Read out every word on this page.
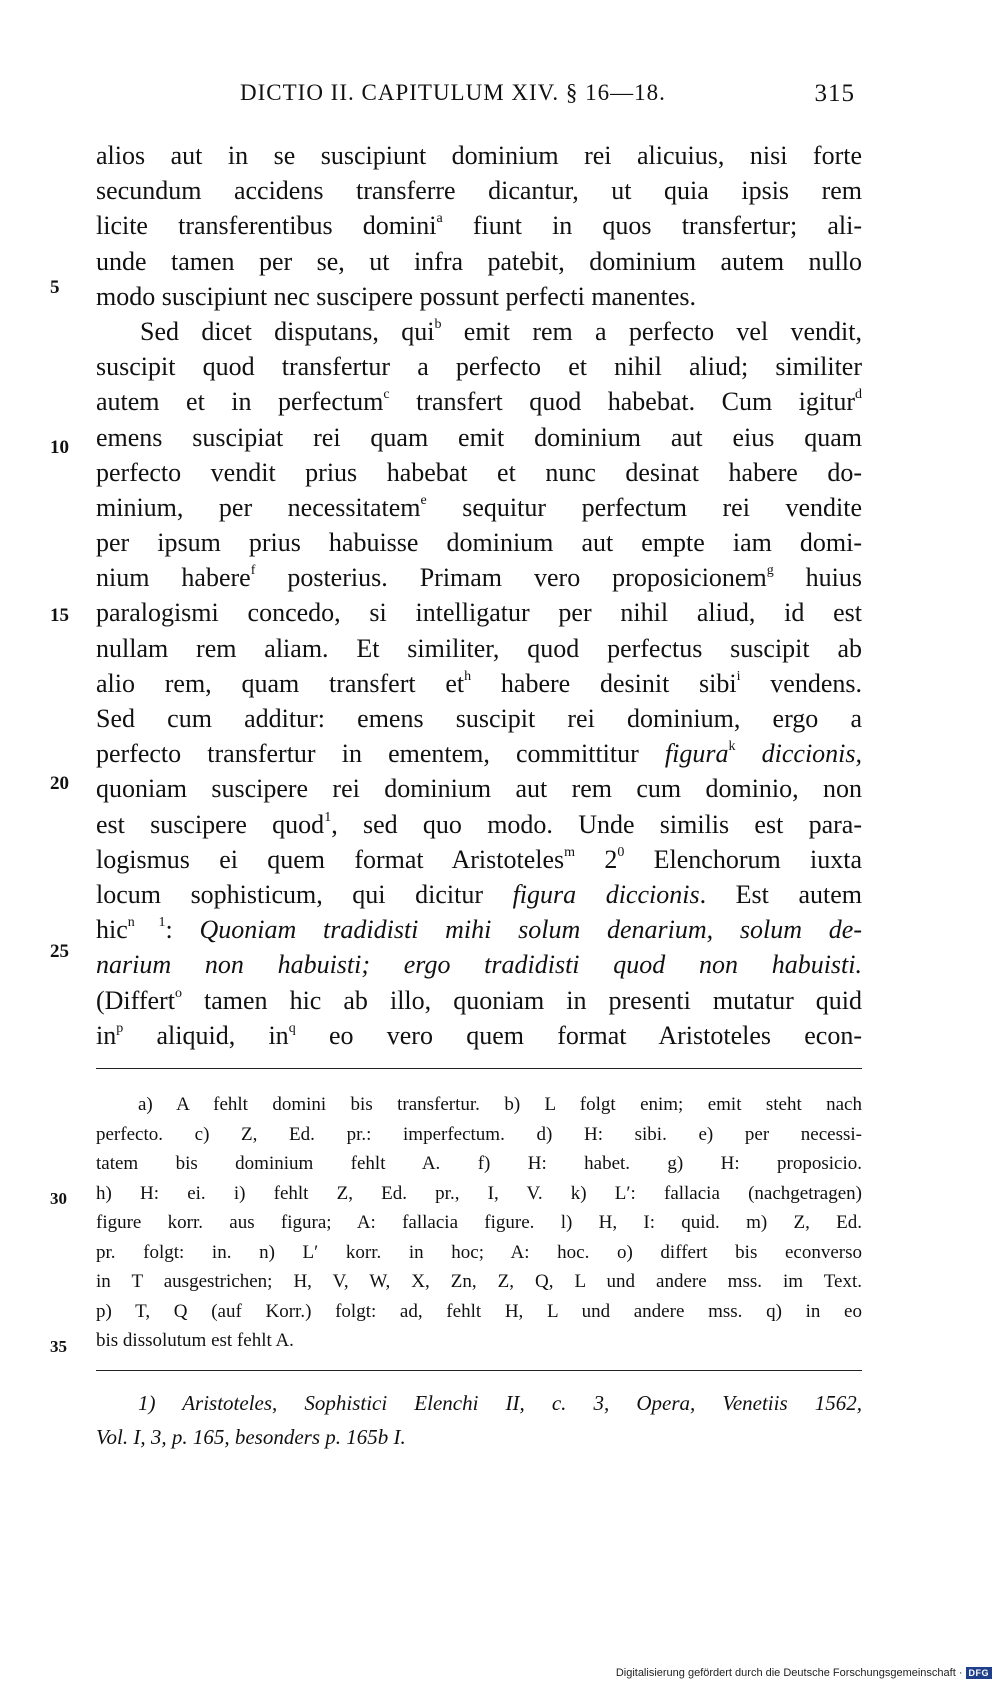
DICTIO II. CAPITULUM XIV. § 16—18.	315
5
10
15
20
25
alios aut in se suscipiunt dominium rei alicuius, nisi forte
secundum accidens transferre dicantur, ut quia ipsis rem
licite transferentibus domini$^a$ fiunt in quos transfertur; ali-
unde tamen per se, ut infra patebit, dominium autem nullo
modo suscipiunt nec suscipere possunt perfecti manentes.
Sed dicet disputans, qui$^b$ emit rem a perfecto vel vendit,
suscipit quod transfertur a perfecto et nihil aliud; similiter
autem et in perfectum$^c$ transfert quod habebat. Cum igitur$^d$
emens suscipiat rei quam emit dominium aut eius quam
perfecto vendit prius habebat et nunc desinat habere do-
minium, per necessitatem$^e$ sequitur perfectum rei vendite
per ipsum prius habuisse dominium aut empte iam domi-
nium habere$^f$ posterius. Primam vero proposicionem$^g$ huius
paralogismi concedo, si intelligatur per nihil aliud, id est
nullam rem aliam. Et similiter, quod perfectus suscipit ab
alio rem, quam transfert $et^h$ habere desinit sibi$^i$ vendens.
Sed cum additur: emens suscipit rei dominium, ergo a
perfecto transfertur in ementem, committitur figura$^k$ diccionis,
quoniam suscipere rei dominium aut rem cum dominio, non
est suscipere quod$^1$, sed quo modo. Unde similis est para-
logismus ei quem format Aristoteles$^m$ $2^0$ Elenchorum iuxta
locum sophisticum, qui dicitur figura diccionis. Est autem
hic$^{n 1}$: Quoniam tradidisti mihi solum denarium, solum de-
narium non habuisti; ergo tradidisti quod non habuisti.
(Differt$^o$ tamen hic ab illo, quoniam in presenti mutatur quid
$in^p$ aliquid, $in^q$ eo vero quem format Aristoteles econ-
30
35
a) A fehlt domini bis transfertur. b) L folgt enim; emit steht nach
perfecto. c) Z, Ed. pr.: imperfectum. d) H: sibi. e) per necessi-
tatem bis dominium fehlt A. f) H: habet. g) H: proposicio.
h) H: ei. i) fehlt Z, Ed. pr., I, V. k) L′: fallacia (nachgetragen)
figure korr. aus figura; A: fallacia figure. l) H, I: quid. m) Z, Ed.
pr. folgt: in. n) L′ korr. in hoc; A: hoc. o) differt bis econverso
in T ausgestrichen; H, V, W, X, Zn, Z, Q, L und andere mss. im Text.
p) T, Q (auf Korr.) folgt: ad, fehlt H, L und andere mss. q) in eo
bis dissolutum est fehlt A.
1) Aristoteles, Sophistici Elenchi II, c. 3, Opera, Venetiis 1562,
Vol. I, 3, p. 165, besonders p. 165b I.
Digitalisierung gefördert durch die Deutsche Forschungsgemeinschaft · DFG
